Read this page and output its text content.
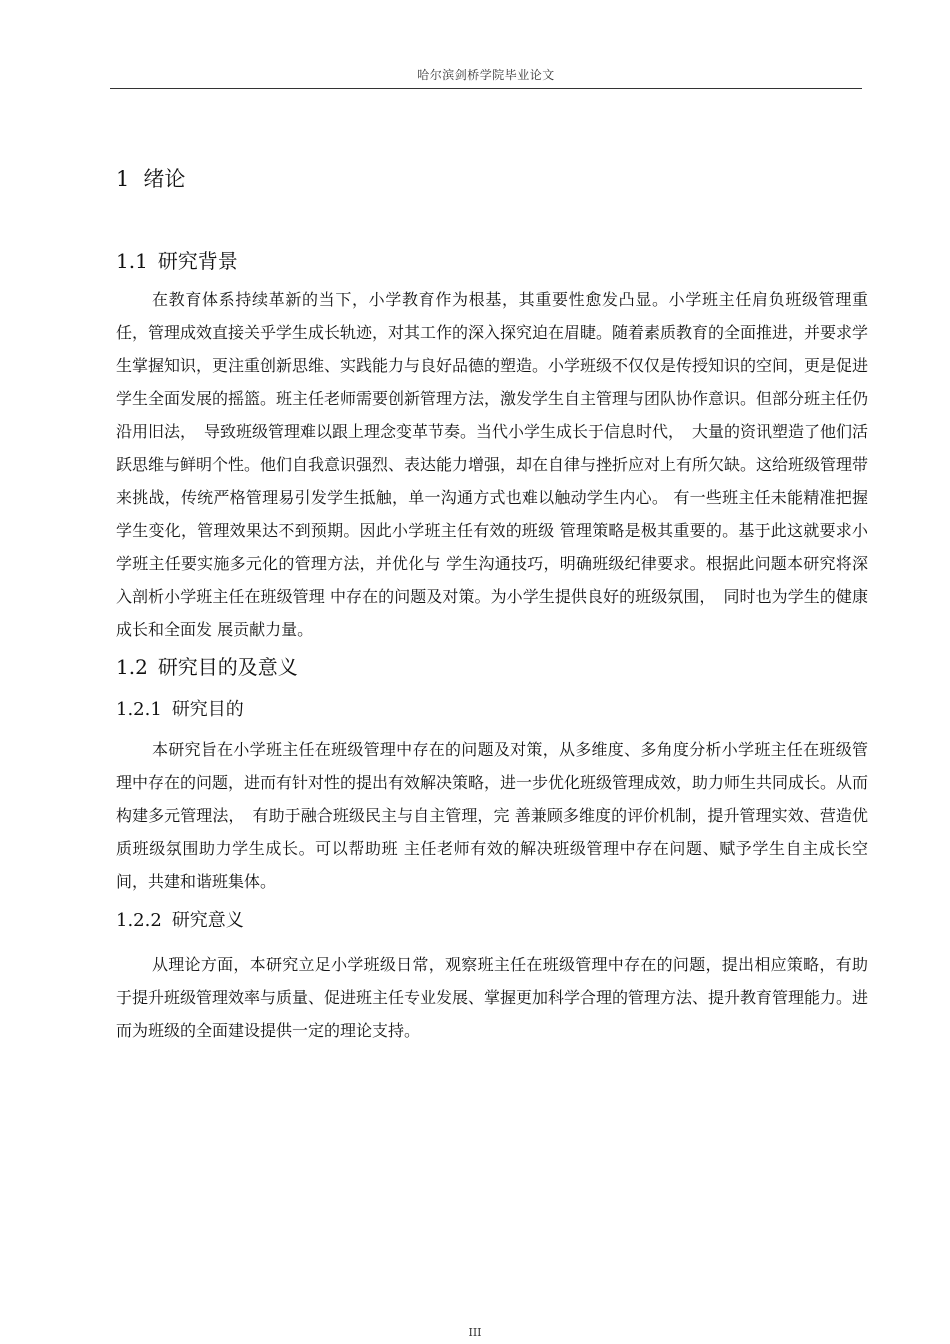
哈尔滨剑桥学院毕业论文
1 绪论
1.1 研究背景

在教育体系持续革新的当下，小学教育作为根基，其重要性愈发凸显。小学班主任肩负班级管理重任，管理成效直接关乎学生成长轨迹，对其工作的深入探究迫在眉睫。随着素质教育的全面推进，并要求学生掌握知识，更注重创新思维、实践能力与良好品德的塑造。小学班级不仅仅是传授知识的空间，更是促进学生全面发展的摇篮。班主任老师需要创新管理方法，激发学生自主管理与团队协作意识。但部分班主任仍沿用旧法，　导致班级管理难以跟上理念变革节奏。当代小学生成长于信息时代，　大量的资讯塑造了他们活跃思维与鲜明个性。他们自我意识强烈、表达能力增强，却在自律与挫折应对上有所欠缺。这给班级管理带来挑战，传统严格管理易引发学生抵触，单一沟通方式也难以触动学生内心。 有一些班主任未能精准把握学生变化，管理效果达不到预期。因此小学班主任有效的班级 管理策略是极其重要的。基于此这就要求小学班主任要实施多元化的管理方法，并优化与 学生沟通技巧，明确班级纪律要求。根据此问题本研究将深入剖析小学班主任在班级管理 中存在的问题及对策。为小学生提供良好的班级氛围，　同时也为学生的健康成长和全面发 展贡献力量。

1.2 研究目的及意义
1.2.1 研究目的

本研究旨在小学班主任在班级管理中存在的问题及对策，从多维度、多角度分析小学班主任在班级管理中存在的问题，进而有针对性的提出有效解决策略，进一步优化班级管理成效，助力师生共同成长。从而构建多元管理法，　有助于融合班级民主与自主管理，完 善兼顾多维度的评价机制，提升管理实效、营造优质班级氛围助力学生成长。可以帮助班 主任老师有效的解决班级管理中存在问题、赋予学生自主成长空间，共建和谐班集体。

1.2.2 研究意义

从理论方面，本研究立足小学班级日常，观察班主任在班级管理中存在的问题，提出相应策略，有助于提升班级管理效率与质量、促进班主任专业发展、掌握更加科学合理的管理方法、提升教育管理能力。进而为班级的全面建设提供一定的理论支持。

III
